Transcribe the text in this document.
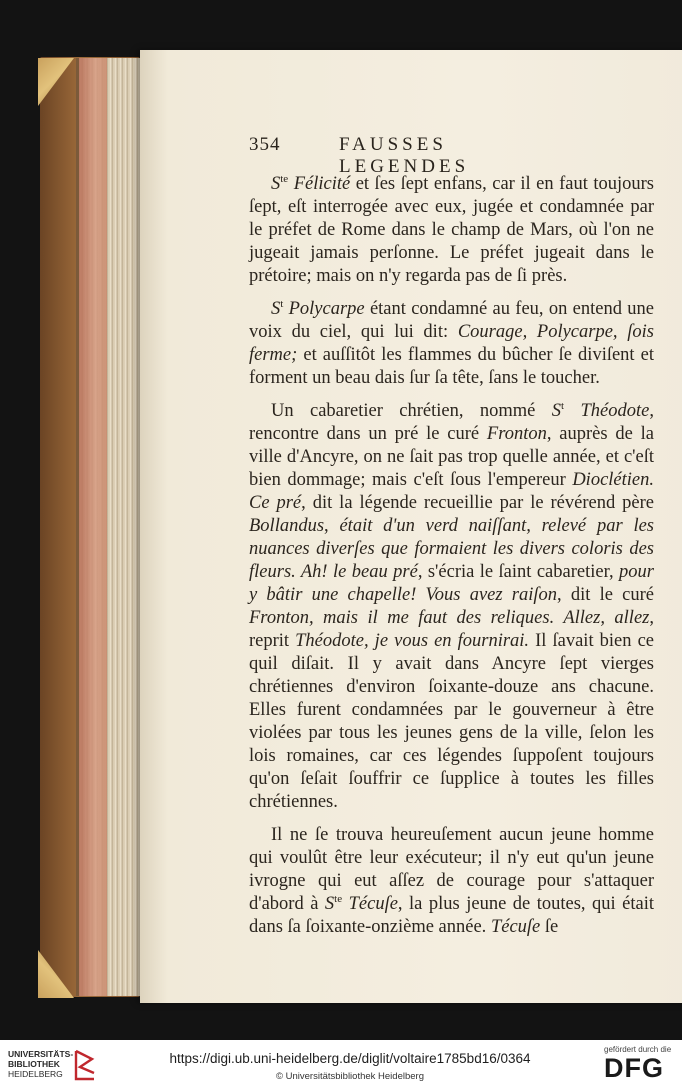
354	FAUSSES LEGENDES

$S^{te}$ Félicité et ſes ſept enfans, car il en faut toujours ſept, eſt interrogée avec eux, jugée et condamnée par le préfet de Rome dans le champ de Mars, où l'on ne jugeait jamais perſonne. Le préfet jugeait dans le prétoire; mais on n'y regarda pas de ſi près.

$S^t$ Polycarpe étant condamné au feu, on entend une voix du ciel, qui lui dit: Courage, Polycarpe, ſois ferme; et auſſitôt les flammes du bûcher ſe diviſent et forment un beau dais ſur ſa tête, ſans le toucher.

Un cabaretier chrétien, nommé $S^t$ Théodote, rencontre dans un pré le curé Fronton, auprès de la ville d'Ancyre, on ne ſait pas trop quelle année, et c'eſt bien dommage; mais c'eſt ſous l'empereur Dioclétien. Ce pré, dit la légende recueillie par le révérend père Bollandus, était d'un verd naiſſant, relevé par les nuances diverſes que formaient les divers coloris des fleurs. Ah! le beau pré, s'écria le ſaint cabaretier, pour y bâtir une chapelle! Vous avez raiſon, dit le curé Fronton, mais il me faut des reliques. Allez, allez, reprit Théodote, je vous en fournirai. Il ſavait bien ce quil diſait. Il y avait dans Ancyre ſept vierges chrétiennes d'environ ſoixante-douze ans chacune. Elles furent condamnées par le gouverneur à être violées par tous les jeunes gens de la ville, ſelon les lois romaines, car ces légendes ſuppoſent toujours qu'on ſeſait ſouffrir ce ſupplice à toutes les filles chrétiennes.

Il ne ſe trouva heureuſement aucun jeune homme qui voulût être leur exécuteur; il n'y eut qu'un jeune ivrogne qui eut aſſez de courage pour s'attaquer d'abord à $S^{te}$ Técuſe, la plus jeune de toutes, qui était dans ſa ſoixante-onzième année. Técuſe ſe

UNIVERSITÄTS-
BIBLIOTHEK
HEIDELBERG
https://digi.ub.uni-heidelberg.de/diglit/voltaire1785bd16/0364
© Universitätsbibliothek Heidelberg
gefördert durch die
DFG
